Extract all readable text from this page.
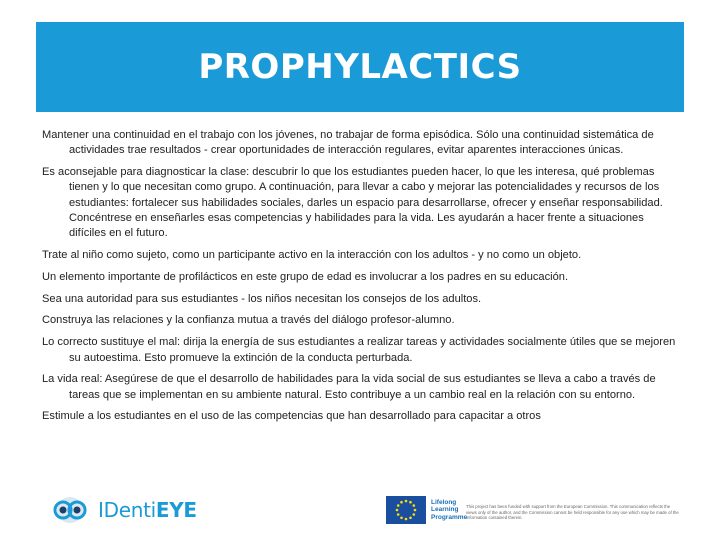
PROPHYLACTICS

Mantener una continuidad en el trabajo con los jóvenes, no trabajar de forma episódica. Sólo una continuidad sistemática de actividades trae resultados - crear oportunidades de interacción regulares, evitar aparentes interacciones únicas.

Es aconsejable para diagnosticar la clase: descubrir lo que los estudiantes pueden hacer, lo que les interesa, qué problemas tienen y lo que necesitan como grupo. A continuación, para llevar a cabo y mejorar las potencialidades y recursos de los estudiantes: fortalecer sus habilidades sociales, darles un espacio para desarrollarse, ofrecer y enseñar responsabilidad. Concéntrese en enseñarles esas competencias y habilidades para la vida. Les ayudarán a hacer frente a situaciones difíciles en el futuro.

Trate al niño como sujeto, como un participante activo en la interacción con los adultos - y no como un objeto.

Un elemento importante de profilácticos en este grupo de edad es involucrar a los padres en su educación.

Sea una autoridad para sus estudiantes - los niños necesitan los consejos de los adultos.

Construya las relaciones y la confianza mutua a través del diálogo profesor-alumno.

Lo correcto sustituye el mal: dirija la energía de sus estudiantes a realizar tareas y actividades socialmente útiles que se mejoren su autoestima. Esto promueve la extinción de la conducta perturbada.

La vida real: Asegúrese de que el desarrollo de habilidades para la vida social de sus estudiantes se lleva a cabo a través de tareas que se implementan en su ambiente natural. Esto contribuye a un cambio real en la relación con su entorno.

Estimule a los estudiantes en el uso de las competencias que han desarrollado para capacitar a otros

IDentiEYE	Lifelong
Learning
Programme
This project has been funded with support from the European Commission. This communication reflects the views only of the author, and the Commission cannot be held responsible for any use which may be made of the information contained therein.
